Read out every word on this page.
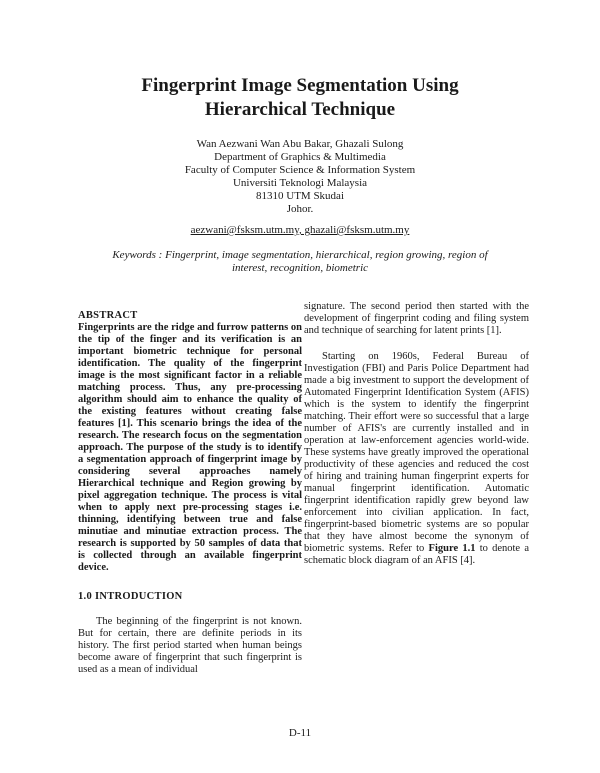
Fingerprint Image Segmentation Using
Hierarchical Technique
Wan Aezwani Wan Abu Bakar, Ghazali Sulong
Department of Graphics & Multimedia
Faculty of Computer Science & Information System
Universiti Teknologi Malaysia
81310 UTM Skudai
Johor.
aezwani@fsksm.utm.my, ghazali@fsksm.utm.my
Keywords : Fingerprint, image segmentation, hierarchical, region growing, region of interest, recognition, biometric
ABSTRACT

Fingerprints are the ridge and furrow patterns on the tip of the finger and its verification is an important biometric technique for personal identification. The quality of the fingerprint image is the most significant factor in a reliable matching process. Thus, any pre-processing algorithm should aim to enhance the quality of the existing features without creating false features [1]. This scenario brings the idea of the research. The research focus on the segmentation approach. The purpose of the study is to identify a segmentation approach of fingerprint image by considering several approaches namely Hierarchical technique and Region growing by pixel aggregation technique. The process is vital when to apply next pre-processing stages i.e. thinning, identifying between true and false minutiae and minutiae extraction process. The research is supported by 50 samples of data that is collected through an available fingerprint device.

1.0 INTRODUCTION

The beginning of the fingerprint is not known. But for certain, there are definite periods in its history. The first period started when human beings become aware of fingerprint that such fingerprint is used as a mean of individual

signature. The second period then started with the development of fingerprint coding and filing system and technique of searching for latent prints [1].

Starting on 1960s, Federal Bureau of Investigation (FBI) and Paris Police Department had made a big investment to support the development of Automated Fingerprint Identification System (AFIS) which is the system to identify the fingerprint matching. Their effort were so successful that a large number of AFIS's are currently installed and in operation at law-enforcement agencies world-wide. These systems have greatly improved the operational productivity of these agencies and reduced the cost of hiring and training human fingerprint experts for manual fingerprint identification. Automatic fingerprint identification rapidly grew beyond law enforcement into civilian application. In fact, fingerprint-based biometric systems are so popular that they have almost become the synonym of biometric systems. Refer to Figure 1.1 to denote a schematic block diagram of an AFIS [4].

D-11
